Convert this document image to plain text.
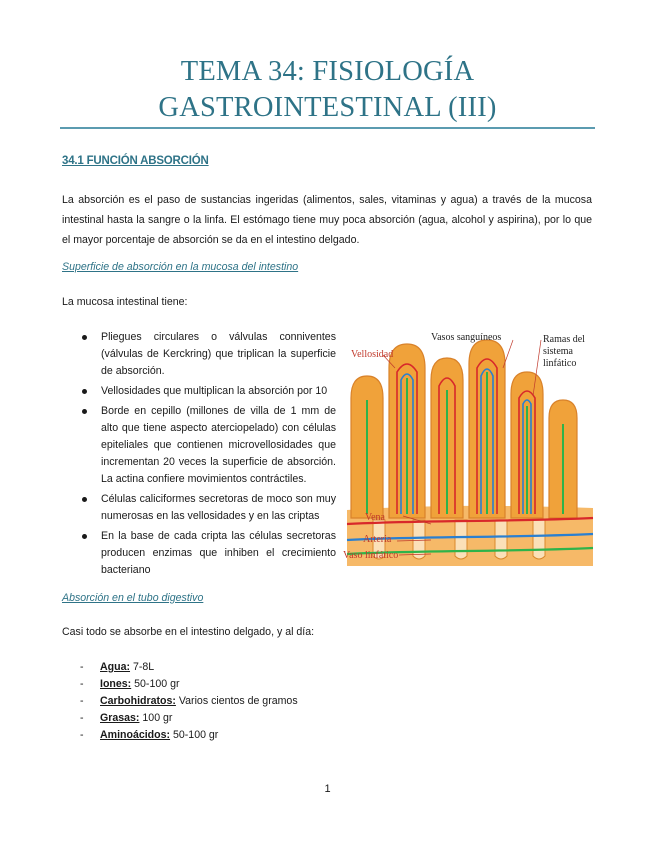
TEMA 34: FISIOLOGÍA
GASTROINTESTINAL (III)
34.1 FUNCIÓN ABSORCIÓN

La absorción es el paso de sustancias ingeridas (alimentos, sales, vitaminas y agua) a través de la mucosa intestinal hasta la sangre o la linfa. El estómago tiene muy poca absorción (agua, alcohol y aspirina), por lo que el mayor porcentaje de absorción se da en el intestino delgado.

Superficie de absorción en la mucosa del intestino
La mucosa intestinal tiene:
Pliegues circulares o válvulas conniventes (válvulas de Kerckring) que triplican la superficie de absorción.
Vellosidades que multiplican la absorción por 10
Borde en cepillo (millones de villa de 1 mm de alto que tiene aspecto aterciopelado) con células epiteliales que contienen microvellosidades que incrementan 20 veces la superficie de absorción. La actina confiere movimientos contráctiles.
Células caliciformes secretoras de moco son muy numerosas en las vellosidades y en las criptas
En la base de cada cripta las células secretoras producen enzimas que inhiben el crecimiento bacteriano
Vasos sanguíneos
Vellosidad
Ramas del
sistema
linfático
Vena
Arteria
Vaso linfático
Absorción en el tubo digestivo
Casi todo se absorbe en el intestino delgado, y al día:
- Agua: 7-8L
- Iones: 50-100 gr
- Carbohidratos: Varios cientos de gramos
- Grasas: 100 gr
- Aminoácidos: 50-100 gr
1
